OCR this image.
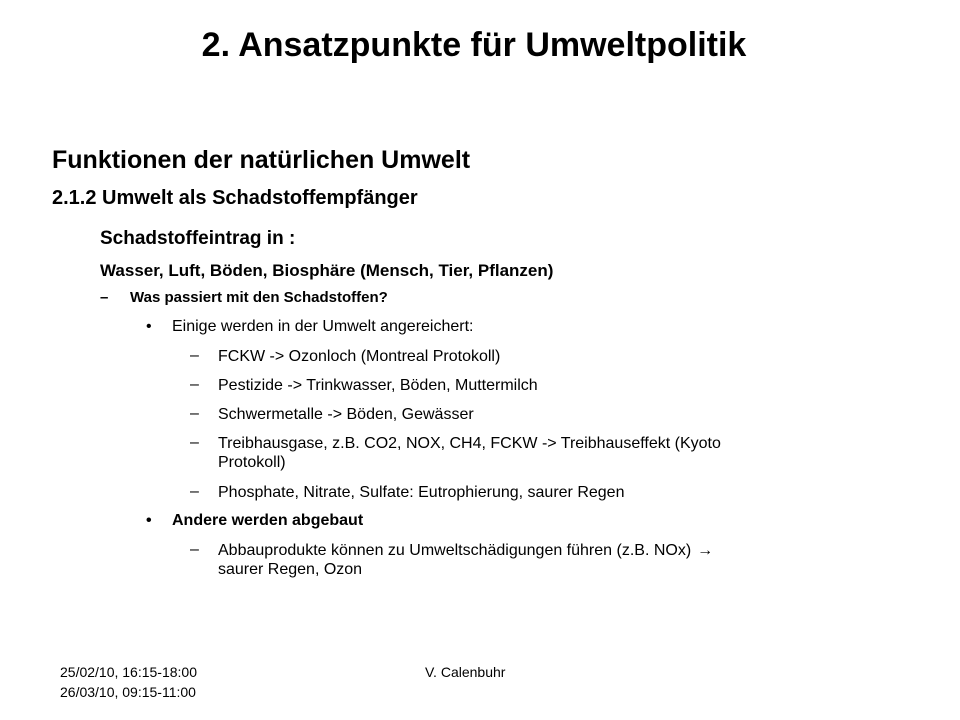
2. Ansatzpunkte für Umweltpolitik
Funktionen der natürlichen Umwelt
2.1.2 Umwelt als Schadstoffempfänger
Schadstoffeintrag in :
Wasser, Luft, Böden, Biosphäre (Mensch, Tier, Pflanzen)
– Was passiert mit den Schadstoffen?
• Einige werden in der Umwelt angereichert:
– FCKW -> Ozonloch (Montreal Protokoll)
– Pestizide -> Trinkwasser, Böden, Muttermilch
– Schwermetalle -> Böden, Gewässer
– Treibhausgase, z.B. CO2, NOX, CH4, FCKW -> Treibhauseffekt (Kyoto
Protokoll)
– Phosphate, Nitrate, Sulfate: Eutrophierung, saurer Regen
• Andere werden abgebaut
– Abbauprodukte können zu Umweltschädigungen führen (z.B. NOx) →
saurer Regen, Ozon
25/02/10, 16:15-18:00
26/03/10, 09:15-11:00
V. Calenbuhr
